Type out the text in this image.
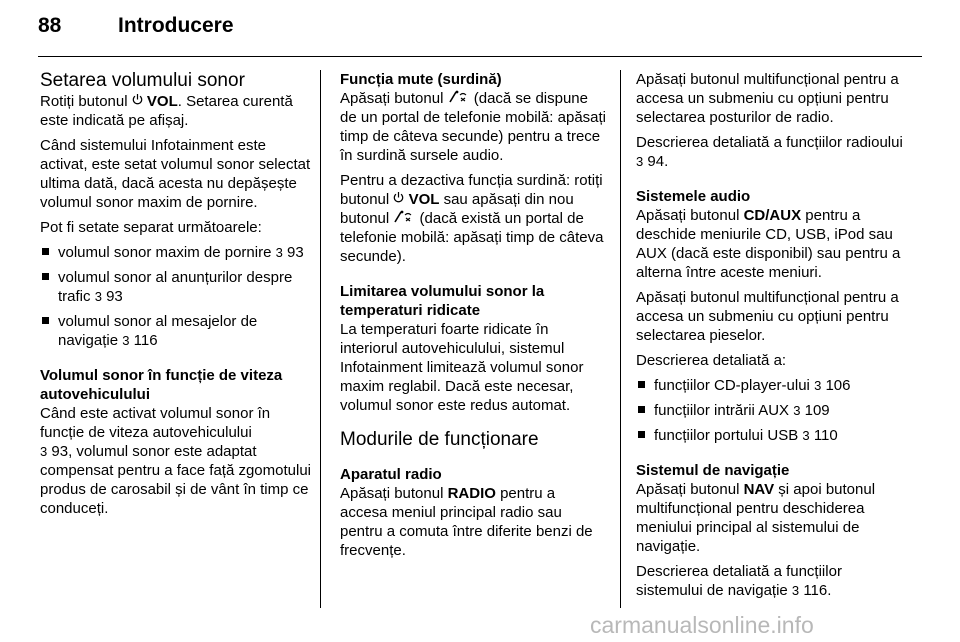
88	Introducere
Setarea volumului sonor

Rotiți butonul  VOL. Setarea curentă este indicată pe afișaj.

Când sistemului Infotainment este activat, este setat volumul sonor selectat ultima dată, dacă acesta nu depășește volumul sonor maxim de pornire.

Pot fi setate separat următoarele:

volumul sonor maxim de pornire 3 93
volumul sonor al anunțurilor despre trafic 3 93
volumul sonor al mesajelor de navigație 3 116
Volumul sonor în funcție de viteza autovehiculului

Când este activat volumul sonor în funcție de viteza autovehiculului
3 93, volumul sonor este adaptat compensat pentru a face față zgomotului produs de carosabil și de vânt în timp ce conduceți.

Funcția mute (surdină)

Apăsați butonul  (dacă se dispune de un portal de telefonie mobilă: apăsați timp de câteva secunde) pentru a trece în surdină sursele audio.

Pentru a dezactiva funcția surdină: rotiți butonul  VOL sau apăsați din nou butonul  (dacă există un portal de telefonie mobilă: apăsați timp de câteva secunde).

Limitarea volumului sonor la temperaturi ridicate

La temperaturi foarte ridicate în interiorul autovehiculului, sistemul Infotainment limitează volumul sonor maxim reglabil. Dacă este necesar, volumul sonor este redus automat.

Modurile de funcționare
Aparatul radio

Apăsați butonul RADIO pentru a accesa meniul principal radio sau pentru a comuta între diferite benzi de frecvențe.

Apăsați butonul multifuncțional pentru a accesa un submeniu cu opțiuni pentru selectarea posturilor de radio.

Descrierea detaliată a funcțiilor radioului 3 94.

Sistemele audio

Apăsați butonul CD/AUX pentru a deschide meniurile CD, USB, iPod sau AUX (dacă este disponibil) sau pentru a alterna între aceste meniuri.

Apăsați butonul multifuncțional pentru a accesa un submeniu cu opțiuni pentru selectarea pieselor.

Descrierea detaliată a:

funcțiilor CD-player-ului 3 106
funcțiilor intrării AUX 3 109
funcțiilor portului USB 3 110
Sistemul de navigație

Apăsați butonul NAV și apoi butonul multifuncțional pentru deschiderea meniului principal al sistemului de navigație.

Descrierea detaliată a funcțiilor sistemului de navigație 3 116.

carmanualsonline.info
